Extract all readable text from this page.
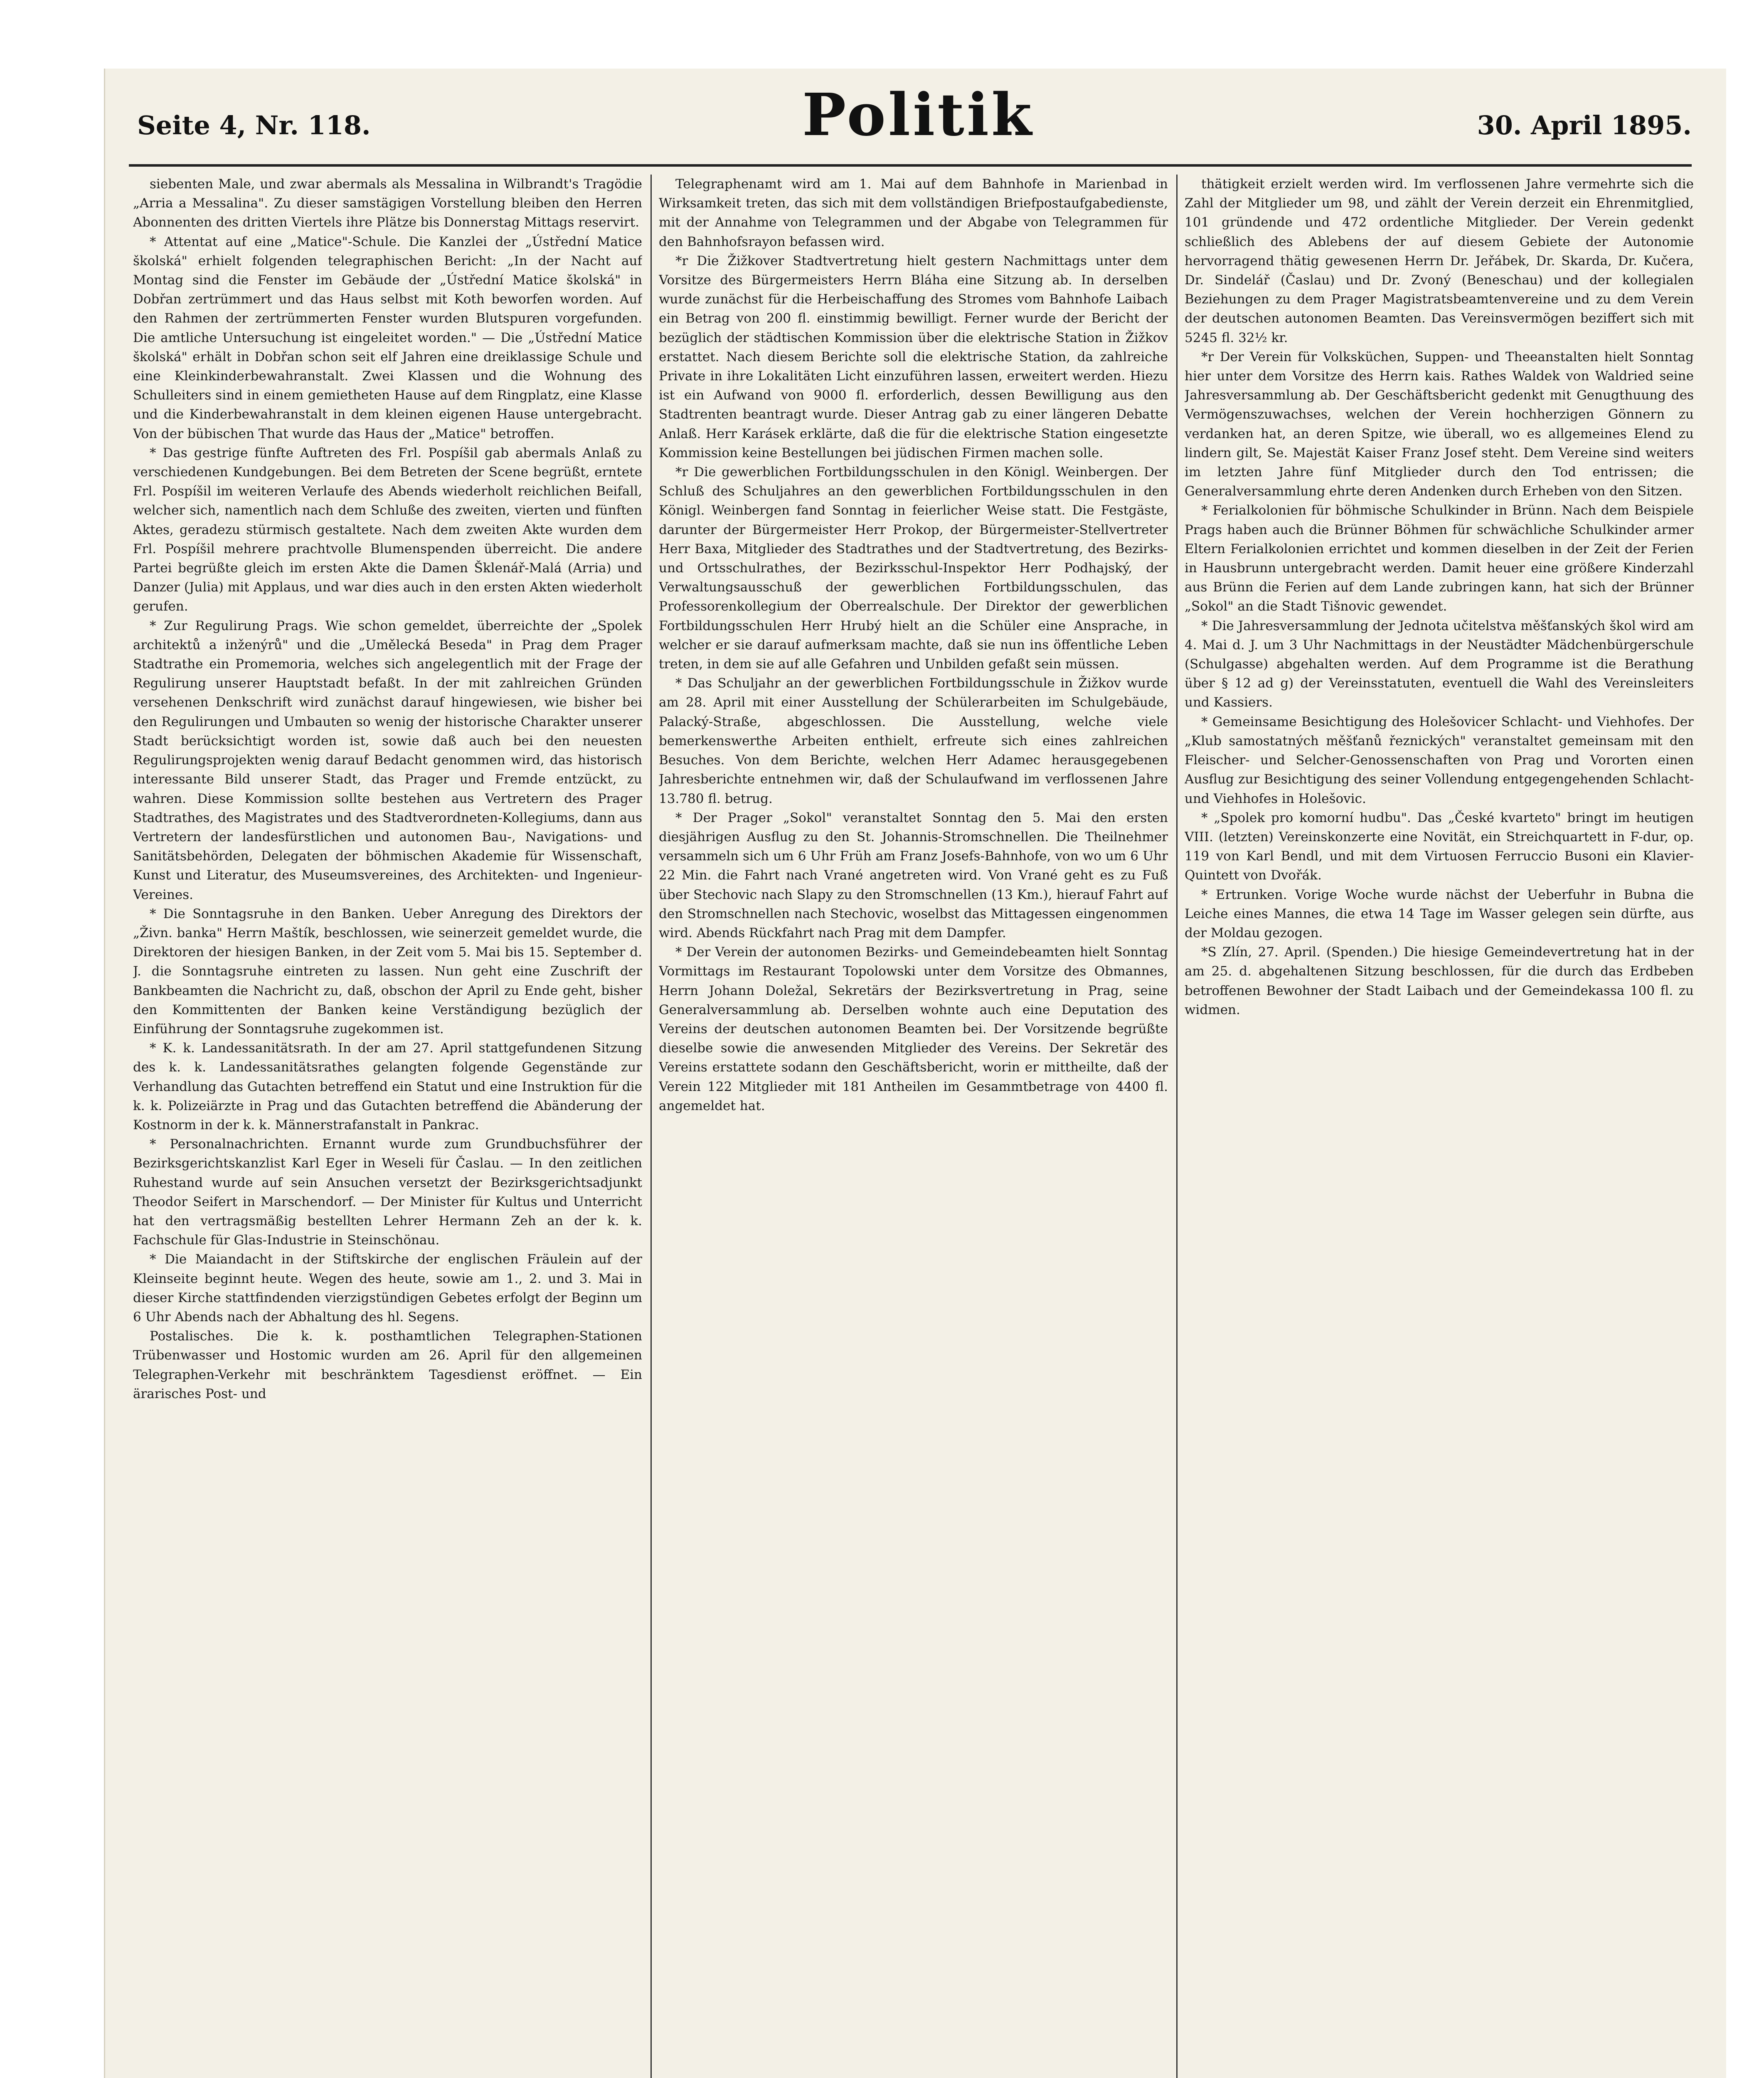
Seite 4, Nr. 118.	Politik	30. April 1895.

siebenten Male, und zwar abermals als Messalina in Wilbrandt's Tragödie „Arria a Messalina". Zu dieser samstägigen Vorstellung bleiben den Herren Abonnenten des dritten Viertels ihre Plätze bis Donnerstag Mittags reservirt.

* Attentat auf eine „Matice"-Schule. Die Kanzlei der „Ústřední Matice školská" erhielt folgenden telegraphischen Bericht: „In der Nacht auf Montag sind die Fenster im Gebäude der „Ústřední Matice školská" in Dobřan zertrümmert und das Haus selbst mit Koth beworfen worden. Auf den Rahmen der zertrümmerten Fenster wurden Blutspuren vorgefunden. Die amtliche Untersuchung ist eingeleitet worden." — Die „Ústřední Matice školská" erhält in Dobřan schon seit elf Jahren eine dreiklassige Schule und eine Kleinkinderbewahranstalt. Zwei Klassen und die Wohnung des Schulleiters sind in einem gemietheten Hause auf dem Ringplatz, eine Klasse und die Kinderbewahranstalt in dem kleinen eigenen Hause untergebracht. Von der bübischen That wurde das Haus der „Matice" betroffen.

* Das gestrige fünfte Auftreten des Frl. Pospíšil gab abermals Anlaß zu verschiedenen Kundgebungen. Bei dem Betreten der Scene begrüßt, erntete Frl. Pospíšil im weiteren Verlaufe des Abends wiederholt reichlichen Beifall, welcher sich, namentlich nach dem Schluße des zweiten, vierten und fünften Aktes, geradezu stürmisch gestaltete. Nach dem zweiten Akte wurden dem Frl. Pospíšil mehrere prachtvolle Blumenspenden überreicht. Die andere Partei begrüßte gleich im ersten Akte die Damen Šklenář-Malá (Arria) und Danzer (Julia) mit Applaus, und war dies auch in den ersten Akten wiederholt gerufen.

* Zur Regulirung Prags. Wie schon gemeldet, überreichte der „Spolek architektů a inženýrů" und die „Umělecká Beseda" in Prag dem Prager Stadtrathe ein Promemoria, welches sich angelegentlich mit der Frage der Regulirung unserer Hauptstadt befaßt. In der mit zahlreichen Gründen versehenen Denkschrift wird zunächst darauf hingewiesen, wie bisher bei den Regulirungen und Umbauten so wenig der historische Charakter unserer Stadt berücksichtigt worden ist, sowie daß auch bei den neuesten Regulirungsprojekten wenig darauf Bedacht genommen wird, das historisch interessante Bild unserer Stadt, das Prager und Fremde entzückt, zu wahren. Diese Kommission sollte bestehen aus Vertretern des Prager Stadtrathes, des Magistrates und des Stadtverordneten-Kollegiums, dann aus Vertretern der landesfürstlichen und autonomen Bau-, Navigations- und Sanitätsbehörden, Delegaten der böhmischen Akademie für Wissenschaft, Kunst und Literatur, des Museumsvereines, des Architekten- und Ingenieur-Vereines.

* Die Sonntagsruhe in den Banken. Ueber Anregung des Direktors der „Živn. banka" Herrn Maštík, beschlossen, wie seinerzeit gemeldet wurde, die Direktoren der hiesigen Banken, in der Zeit vom 5. Mai bis 15. September d. J. die Sonntagsruhe eintreten zu lassen. Nun geht eine Zuschrift der Bankbeamten die Nachricht zu, daß, obschon der April zu Ende geht, bisher den Kommittenten der Banken keine Verständigung bezüglich der Einführung der Sonntagsruhe zugekommen ist.

* K. k. Landessanitätsrath. In der am 27. April stattgefundenen Sitzung des k. k. Landessanitätsrathes gelangten folgende Gegenstände zur Verhandlung das Gutachten betreffend ein Statut und eine Instruktion für die k. k. Polizeiärzte in Prag und das Gutachten betreffend die Abänderung der Kostnorm in der k. k. Männerstrafanstalt in Pankrac.

* Personalnachrichten. Ernannt wurde zum Grundbuchsführer der Bezirksgerichtskanzlist Karl Eger in Weseli für Časlau. — In den zeitlichen Ruhestand wurde auf sein Ansuchen versetzt der Bezirksgerichtsadjunkt Theodor Seifert in Marschendorf. — Der Minister für Kultus und Unterricht hat den vertragsmäßig bestellten Lehrer Hermann Zeh an der k. k. Fachschule für Glas-Industrie in Steinschönau.

* Die Maiandacht in der Stiftskirche der englischen Fräulein auf der Kleinseite beginnt heute. Wegen des heute, sowie am 1., 2. und 3. Mai in dieser Kirche stattfindenden vierzigstündigen Gebetes erfolgt der Beginn um 6 Uhr Abends nach der Abhaltung des hl. Segens.

Postalisches. Die k. k. posthamtlichen Telegraphen-Stationen Trübenwasser und Hostomic wurden am 26. April für den allgemeinen Telegraphen-Verkehr mit beschränktem Tagesdienst eröffnet. — Ein ärarisches Post- und

Telegraphenamt wird am 1. Mai auf dem Bahnhofe in Marienbad in Wirksamkeit treten, das sich mit dem vollständigen Briefpostaufgabedienste, mit der Annahme von Telegrammen und der Abgabe von Telegrammen für den Bahnhofsrayon befassen wird.

*r Die Žižkover Stadtvertretung hielt gestern Nachmittags unter dem Vorsitze des Bürgermeisters Herrn Bláha eine Sitzung ab. In derselben wurde zunächst für die Herbeischaffung des Stromes vom Bahnhofe Laibach ein Betrag von 200 fl. einstimmig bewilligt. Ferner wurde der Bericht der bezüglich der städtischen Kommission über die elektrische Station in Žižkov erstattet. Nach diesem Berichte soll die elektrische Station, da zahlreiche Private in ihre Lokalitäten Licht einzuführen lassen, erweitert werden. Hiezu ist ein Aufwand von 9000 fl. erforderlich, dessen Bewilligung aus den Stadtrenten beantragt wurde. Dieser Antrag gab zu einer längeren Debatte Anlaß. Herr Karásek erklärte, daß die für die elektrische Station eingesetzte Kommission keine Bestellungen bei jüdischen Firmen machen solle.

*r Die gewerblichen Fortbildungsschulen in den Königl. Weinbergen. Der Schluß des Schuljahres an den gewerblichen Fortbildungsschulen in den Königl. Weinbergen fand Sonntag in feierlicher Weise statt. Die Festgäste, darunter der Bürgermeister Herr Prokop, der Bürgermeister-Stellvertreter Herr Baxa, Mitglieder des Stadtrathes und der Stadtvertretung, des Bezirks- und Ortsschulrathes, der Bezirksschul-Inspektor Herr Podhajský, der Verwaltungsausschuß der gewerblichen Fortbildungsschulen, das Professorenkollegium der Oberrealschule. Der Direktor der gewerblichen Fortbildungsschulen Herr Hrubý hielt an die Schüler eine Ansprache, in welcher er sie darauf aufmerksam machte, daß sie nun ins öffentliche Leben treten, in dem sie auf alle Gefahren und Unbilden gefaßt sein müssen.

* Das Schuljahr an der gewerblichen Fortbildungsschule in Žižkov wurde am 28. April mit einer Ausstellung der Schülerarbeiten im Schulgebäude, Palacký-Straße, abgeschlossen. Die Ausstellung, welche viele bemerkenswerthe Arbeiten enthielt, erfreute sich eines zahlreichen Besuches. Von dem Berichte, welchen Herr Adamec herausgegebenen Jahresberichte entnehmen wir, daß der Schulaufwand im verflossenen Jahre 13.780 fl. betrug.

* Der Prager „Sokol" veranstaltet Sonntag den 5. Mai den ersten diesjährigen Ausflug zu den St. Johannis-Stromschnellen. Die Theilnehmer versammeln sich um 6 Uhr Früh am Franz Josefs-Bahnhofe, von wo um 6 Uhr 22 Min. die Fahrt nach Vrané angetreten wird. Von Vrané geht es zu Fuß über Stechovic nach Slapy zu den Stromschnellen (13 Km.), hierauf Fahrt auf den Stromschnellen nach Stechovic, woselbst das Mittagessen eingenommen wird. Abends Rückfahrt nach Prag mit dem Dampfer.

* Der Verein der autonomen Bezirks- und Gemeindebeamten hielt Sonntag Vormittags im Restaurant Topolowski unter dem Vorsitze des Obmannes, Herrn Johann Doležal, Sekretärs der Bezirksvertretung in Prag, seine Generalversammlung ab. Derselben wohnte auch eine Deputation des Vereins der deutschen autonomen Beamten bei. Der Vorsitzende begrüßte dieselbe sowie die anwesenden Mitglieder des Vereins. Der Sekretär des Vereins erstattete sodann den Geschäftsbericht, worin er mittheilte, daß der Verein 122 Mitglieder mit 181 Antheilen im Gesammtbetrage von 4400 fl. angemeldet hat.

thätigkeit erzielt werden wird. Im verflossenen Jahre vermehrte sich die Zahl der Mitglieder um 98, und zählt der Verein derzeit ein Ehrenmitglied, 101 gründende und 472 ordentliche Mitglieder. Der Verein gedenkt schließlich des Ablebens der auf diesem Gebiete der Autonomie hervorragend thätig gewesenen Herrn Dr. Jeřábek, Dr. Skarda, Dr. Kučera, Dr. Sindelář (Časlau) und Dr. Zvoný (Beneschau) und der kollegialen Beziehungen zu dem Prager Magistratsbeamtenvereine und zu dem Verein der deutschen autonomen Beamten. Das Vereinsvermögen beziffert sich mit 5245 fl. 32½ kr.

*r Der Verein für Volksküchen, Suppen- und Theeanstalten hielt Sonntag hier unter dem Vorsitze des Herrn kais. Rathes Waldek von Waldried seine Jahresversammlung ab. Der Geschäftsbericht gedenkt mit Genugthuung des Vermögenszuwachses, welchen der Verein hochherzigen Gönnern zu verdanken hat, an deren Spitze, wie überall, wo es allgemeines Elend zu lindern gilt, Se. Majestät Kaiser Franz Josef steht. Dem Vereine sind weiters im letzten Jahre fünf Mitglieder durch den Tod entrissen; die Generalversammlung ehrte deren Andenken durch Erheben von den Sitzen.

* Ferialkolonien für böhmische Schulkinder in Brünn. Nach dem Beispiele Prags haben auch die Brünner Böhmen für schwächliche Schulkinder armer Eltern Ferialkolonien errichtet und kommen dieselben in der Zeit der Ferien in Hausbrunn untergebracht werden. Damit heuer eine größere Kinderzahl aus Brünn die Ferien auf dem Lande zubringen kann, hat sich der Brünner „Sokol" an die Stadt Tišnovic gewendet.

* Die Jahresversammlung der Jednota učitelstva měšťanských škol wird am 4. Mai d. J. um 3 Uhr Nachmittags in der Neustädter Mädchenbürgerschule (Schulgasse) abgehalten werden. Auf dem Programme ist die Berathung über § 12 ad g) der Vereinsstatuten, eventuell die Wahl des Vereinsleiters und Kassiers.

* Gemeinsame Besichtigung des Holešovicer Schlacht- und Viehhofes. Der „Klub samostatných měšťanů řeznických" veranstaltet gemeinsam mit den Fleischer- und Selcher-Genossenschaften von Prag und Vororten einen Ausflug zur Besichtigung des seiner Vollendung entgegengehenden Schlacht- und Viehhofes in Holešovic.

* „Spolek pro komorní hudbu". Das „České kvarteto" bringt im heutigen VIII. (letzten) Vereinskonzerte eine Novität, ein Streichquartett in F-dur, op. 119 von Karl Bendl, und mit dem Virtuosen Ferruccio Busoni ein Klavier-Quintett von Dvořák.

* Ertrunken. Vorige Woche wurde nächst der Ueberfuhr in Bubna die Leiche eines Mannes, die etwa 14 Tage im Wasser gelegen sein dürfte, aus der Moldau gezogen.

*S Zlín, 27. April. (Spenden.) Die hiesige Gemeindevertretung hat in der am 25. d. abgehaltenen Sitzung beschlossen, für die durch das Erdbeben betroffenen Bewohner der Stadt Laibach und der Gemeindekassa 100 fl. zu widmen.
